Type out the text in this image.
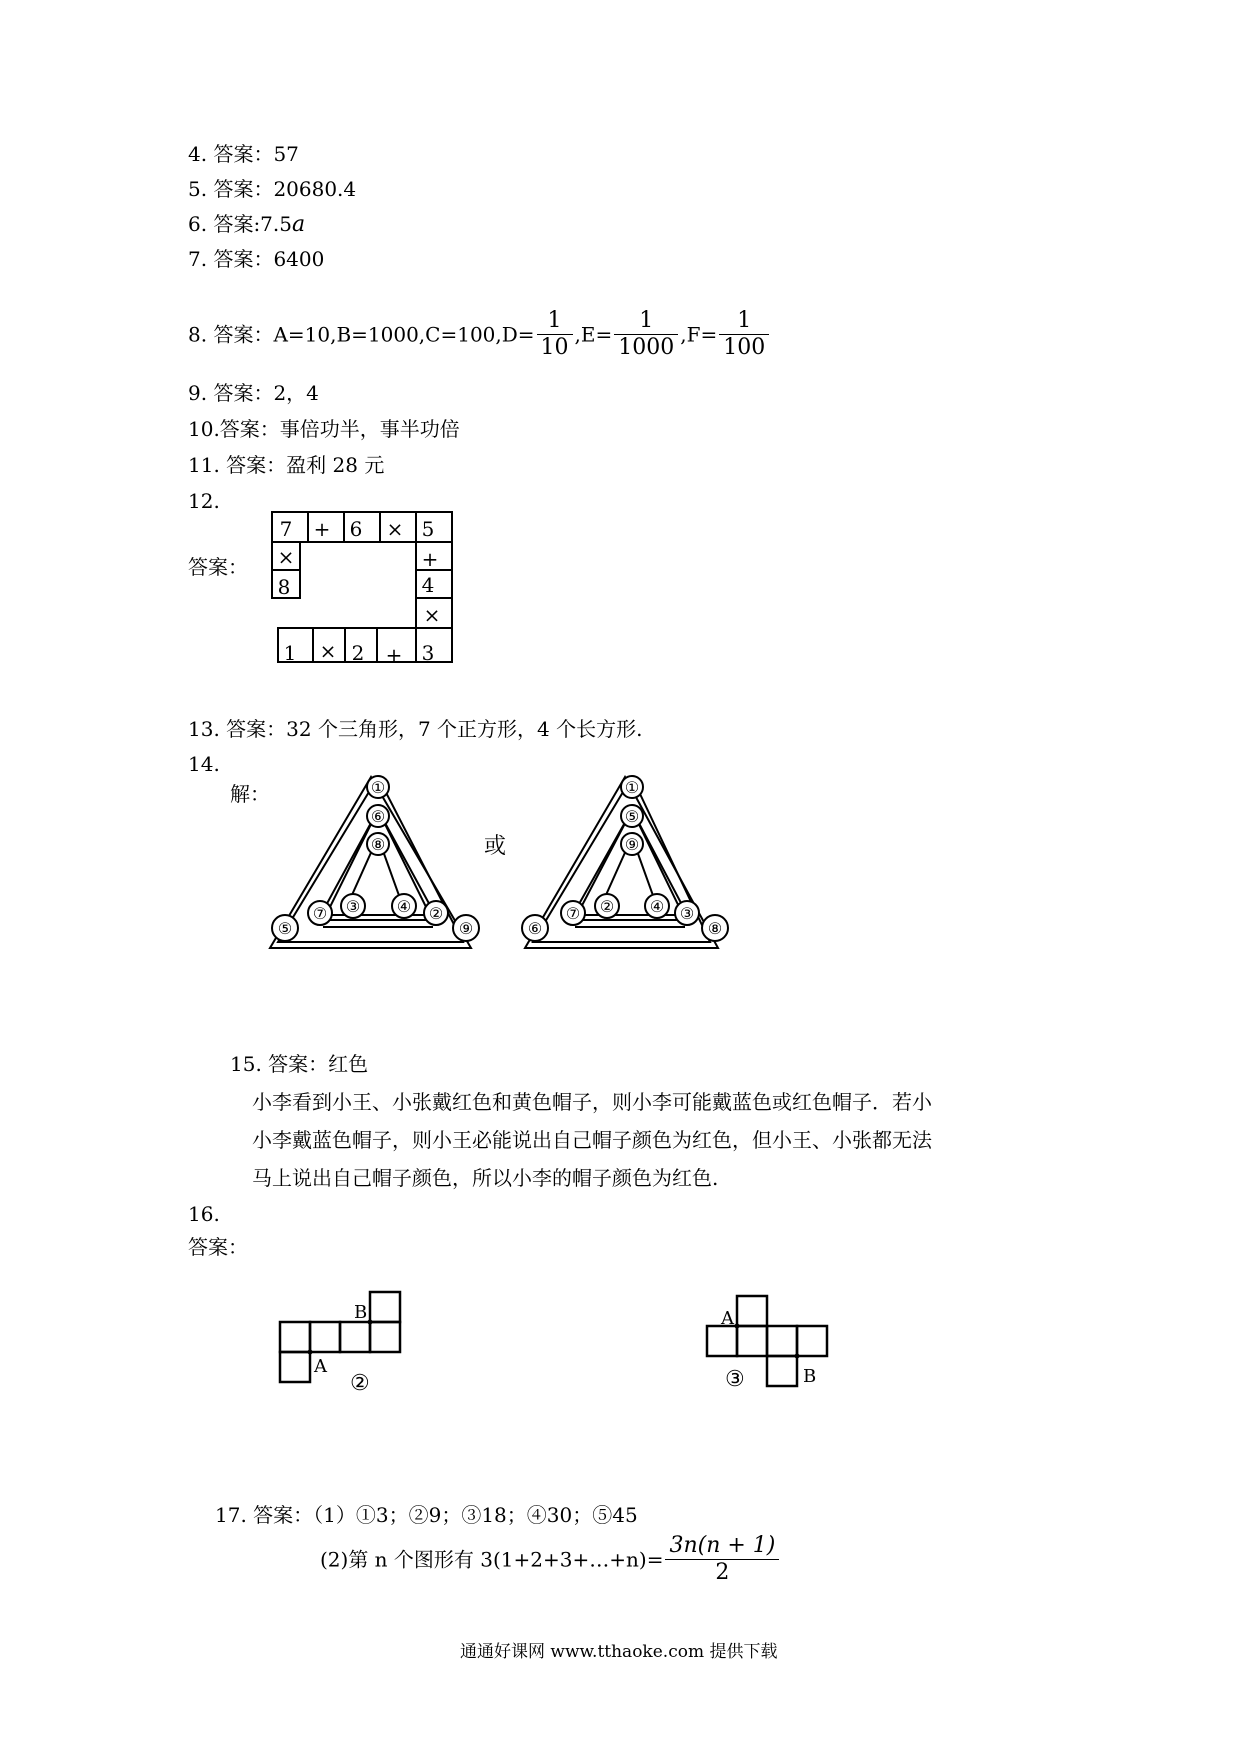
4. 答案：57
5. 答案：20680.4
6. 答案:7.5a
7. 答案：6400
8. 答案：$A=10,B=1000,C=100,D= \frac{1}{10} ,E= \frac{1}{1000} ,F= \frac{1}{100}$
9. 答案：2，4
10.答案：事倍功半，事半功倍
11. 答案：盈利 28 元
12.
答案：
7 + 6 × 5
×
8
+
4
×
1 × 2 + 3
13. 答案：32 个三角形，7 个正方形，4 个长方形.
14.
解：
或
①
⑥
⑧
③ ④
⑦	②
⑤	⑨
①
⑤
⑨
② ④
⑦	③
⑥	⑧
15. 答案：红色
小李看到小王、小张戴红色和黄色帽子，则小李可能戴蓝色或红色帽子．若小
小李戴蓝色帽子，则小王必能说出自己帽子颜色为红色，但小王、小张都无法
马上说出自己帽子颜色，所以小李的帽子颜色为红色.
16.
答案：
A
B
②
A
B
③
17. 答案：（1）①3；②9；③18；④30；⑤45
(2)第 n 个图形有 3(1+2+3+…+n)= $\frac{3n(n + 1)}{2}$
通通好课网 www.tthaoke.com 提供下载
